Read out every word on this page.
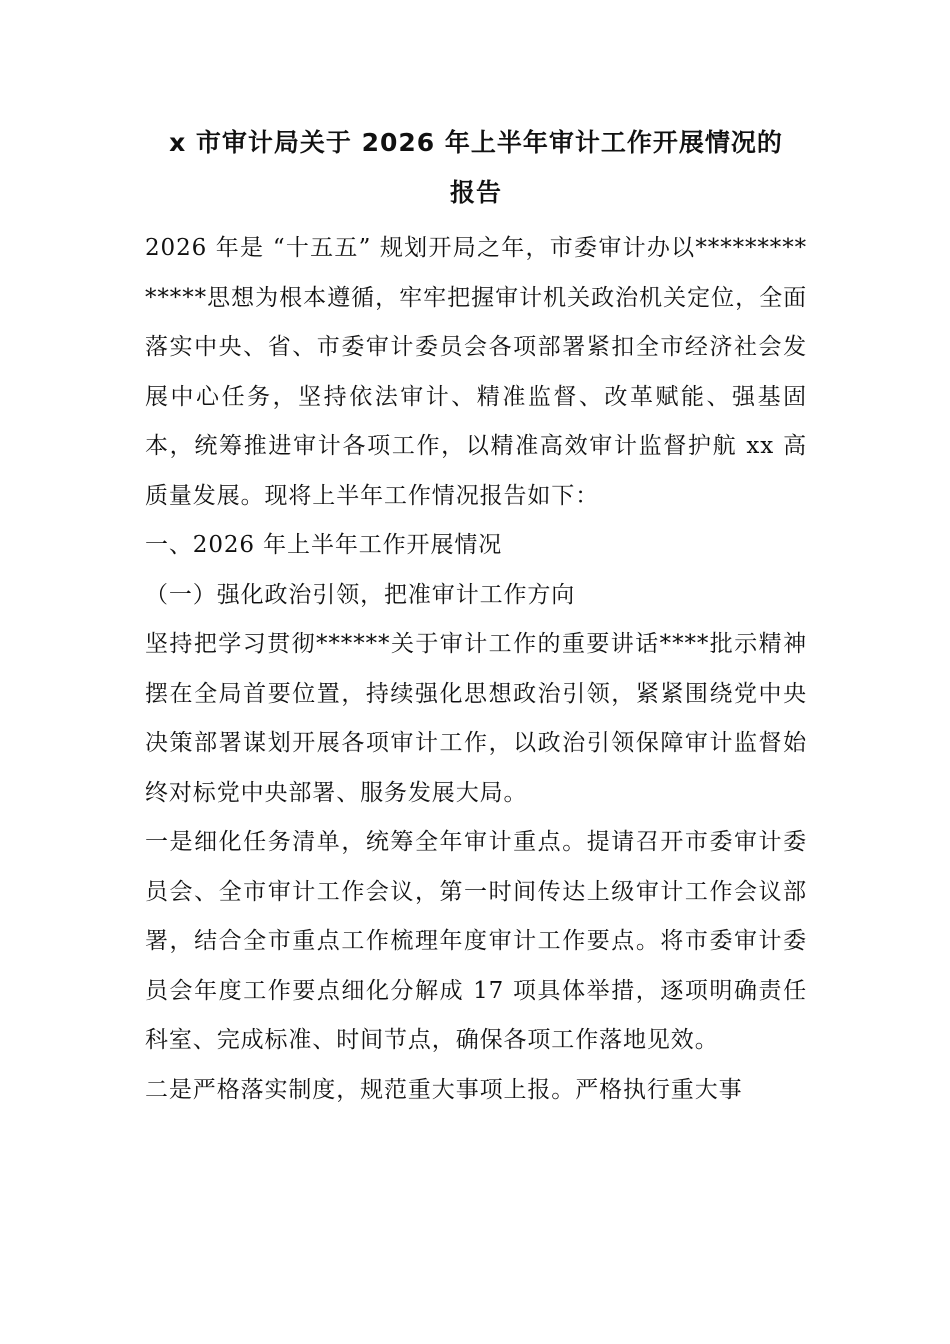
x 市审计局关于 2026 年上半年审计工作开展情况的
报告

2026 年是 “十五五” 规划开局之年，市委审计办以**************思想为根本遵循，牢牢把握审计机关政治机关定位，全面落实中央、省、市委审计委员会各项部署紧扣全市经济社会发展中心任务，坚持依法审计、精准监督、改革赋能、强基固本，统筹推进审计各项工作，以精准高效审计监督护航 xx 高质量发展。现将上半年工作情况报告如下：

一、2026 年上半年工作开展情况

（一）强化政治引领，把准审计工作方向

坚持把学习贯彻******关于审计工作的重要讲话****批示精神摆在全局首要位置，持续强化思想政治引领，紧紧围绕党中央决策部署谋划开展各项审计工作，以政治引领保障审计监督始终对标党中央部署、服务发展大局。

一是细化任务清单，统筹全年审计重点。提请召开市委审计委员会、全市审计工作会议，第一时间传达上级审计工作会议部署，结合全市重点工作梳理年度审计工作要点。将市委审计委员会年度工作要点细化分解成 17 项具体举措，逐项明确责任科室、完成标准、时间节点，确保各项工作落地见效。

二是严格落实制度，规范重大事项上报。严格执行重大事
